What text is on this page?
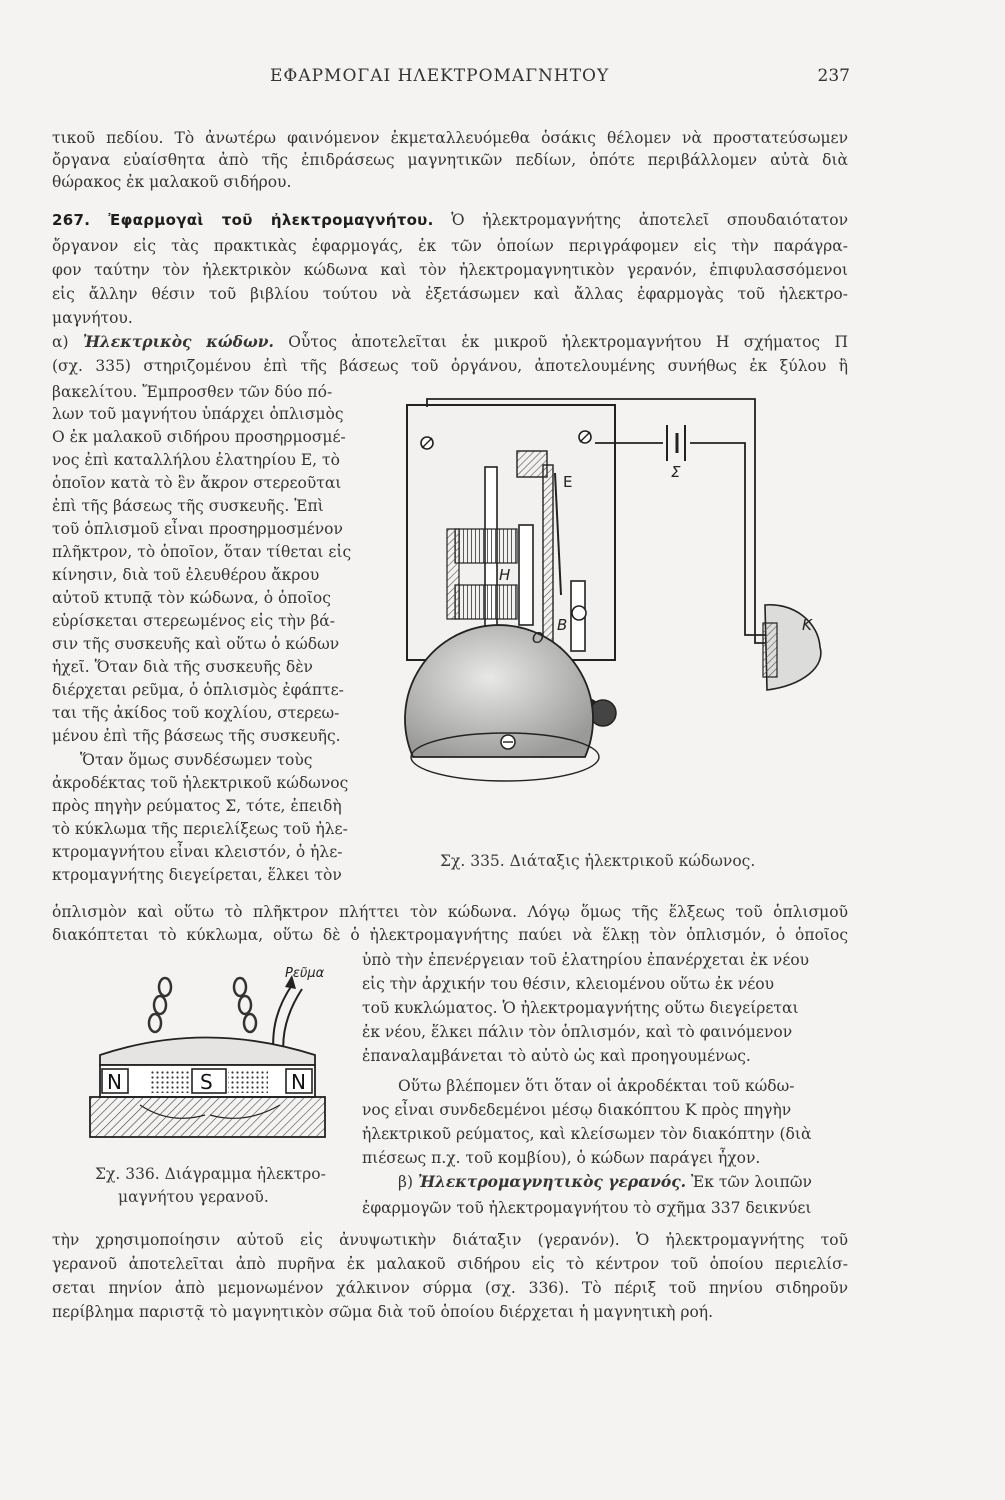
ΕΦΑΡΜΟΓΑΙ ΗΛΕΚΤΡΟΜΑΓΝΗΤΟΥ	237
τικοῦ πεδίου. Τὸ ἀνωτέρω φαινόμενον ἐκμεταλλευόμεθα ὁσάκις θέλομεν νὰ προστατεύσωμεν
ὄργανα εὐαίσθητα ἀπὸ τῆς ἐπιδράσεως μαγνητικῶν πεδίων, ὁπότε περιβάλλομεν αὐτὰ διὰ
θώρακος ἐκ μαλακοῦ σιδήρου.
267. Ἐφαρμογαὶ τοῦ ἠλεκτρομαγνήτου. Ὁ ἠλεκτρομαγνήτης ἀποτελεῖ σπουδαιότατον
ὄργανον εἰς τὰς πρακτικὰς ἐφαρμογάς, ἐκ τῶν ὁποίων περιγράφομεν εἰς τὴν παράγρα-
φον ταύτην τὸν ἠλεκτρικὸν κώδωνα καὶ τὸν ἠλεκτρομαγνητικὸν γερανόν, ἐπιφυλασσόμενοι
εἰς ἄλλην θέσιν τοῦ βιβλίου τούτου νὰ ἐξετάσωμεν καὶ ἄλλας ἐφαρμογὰς τοῦ ἠλεκτρο-
μαγνήτου.
α) Ἠλεκτρικὸς κώδων. Οὗτος ἀποτελεῖται ἐκ μικροῦ ἠλεκτρομαγνήτου Η σχήματος Π
(σχ. 335) στηριζομένου ἐπὶ τῆς βάσεως τοῦ ὀργάνου, ἀποτελουμένης συνήθως ἐκ ξύλου ἢ
βακελίτου. Ἔμπροσθεν τῶν δύο πό-
λων τοῦ μαγνήτου ὑπάρχει ὁπλισμὸς
Ο ἐκ μαλακοῦ σιδήρου προσηρμοσμέ-
νος ἐπὶ καταλλήλου ἐλατηρίου Ε, τὸ
ὁποῖον κατὰ τὸ ἓν ἄκρον στερεοῦται
ἐπὶ τῆς βάσεως τῆς συσκευῆς. Ἐπὶ
τοῦ ὁπλισμοῦ εἶναι προσηρμοσμένον
πλῆκτρον, τὸ ὁποῖον, ὅταν τίθεται εἰς
κίνησιν, διὰ τοῦ ἐλευθέρου ἄκρου
αὐτοῦ κτυπᾷ τὸν κώδωνα, ὁ ὁποῖος
εὑρίσκεται στερεωμένος εἰς τὴν βά-
σιν τῆς συσκευῆς καὶ οὕτω ὁ κώδων
ἠχεῖ. Ὅταν διὰ τῆς συσκευῆς δὲν
διέρχεται ρεῦμα, ὁ ὁπλισμὸς ἐφάπτε-
ται τῆς ἀκίδος τοῦ κοχλίου, στερεω-
μένου ἐπὶ τῆς βάσεως τῆς συσκευῆς.
Ὅταν ὅμως συνδέσωμεν τοὺς
ἀκροδέκτας τοῦ ἠλεκτρικοῦ κώδωνος
πρὸς πηγὴν ρεύματος Σ, τότε, ἐπειδὴ
τὸ κύκλωμα τῆς περιελίξεως τοῦ ἠλε-
κτρομαγνήτου εἶναι κλειστόν, ὁ ἠλε-
κτρομαγνήτης διεγείρεται, ἕλκει τὸν
E
H
O
B	K
Σ
Σχ. 335. Διάταξις ἠλεκτρικοῦ κώδωνος.
ὁπλισμὸν καὶ οὕτω τὸ πλῆκτρον πλήττει τὸν κώδωνα. Λόγῳ ὅμως τῆς ἕλξεως τοῦ ὁπλισμοῦ
διακόπτεται τὸ κύκλωμα, οὕτω δὲ ὁ ἠλεκτρομαγνήτης παύει νὰ ἕλκῃ τὸν ὁπλισμόν, ὁ ὁποῖος
Ρεῦμα
N	S	N
Σχ. 336. Διάγραμμα ἠλεκτρο-
μαγνήτου γερανοῦ.
ὑπὸ τὴν ἐπενέργειαν τοῦ ἐλατηρίου ἐπανέρχεται ἐκ νέου
εἰς τὴν ἀρχικήν του θέσιν, κλειομένου οὕτω ἐκ νέου
τοῦ κυκλώματος. Ὁ ἠλεκτρομαγνήτης οὕτω διεγείρεται
ἐκ νέου, ἕλκει πάλιν τὸν ὁπλισμόν, καὶ τὸ φαινόμενον
ἐπαναλαμβάνεται τὸ αὐτὸ ὡς καὶ προηγουμένως.
Οὕτω βλέπομεν ὅτι ὅταν οἱ ἀκροδέκται τοῦ κώδω-
νος εἶναι συνδεδεμένοι μέσῳ διακόπτου Κ πρὸς πηγὴν
ἠλεκτρικοῦ ρεύματος, καὶ κλείσωμεν τὸν διακόπτην (διὰ
πιέσεως π.χ. τοῦ κομβίου), ὁ κώδων παράγει ἦχον.
β) Ἠλεκτρομαγνητικὸς γερανός. Ἐκ τῶν λοιπῶν
ἐφαρμογῶν τοῦ ἠλεκτρομαγνήτου τὸ σχῆμα 337 δεικνύει
τὴν χρησιμοποίησιν αὐτοῦ εἰς ἀνυψωτικὴν διάταξιν (γερανόν). Ὁ ἠλεκτρομαγνήτης τοῦ
γερανοῦ ἀποτελεῖται ἀπὸ πυρῆνα ἐκ μαλακοῦ σιδήρου εἰς τὸ κέντρον τοῦ ὁποίου περιελίσ-
σεται πηνίον ἀπὸ μεμονωμένον χάλκινον σύρμα (σχ. 336). Τὸ πέριξ τοῦ πηνίου σιδηροῦν
περίβλημα παριστᾷ τὸ μαγνητικὸν σῶμα διὰ τοῦ ὁποίου διέρχεται ἡ μαγνητικὴ ροή.
